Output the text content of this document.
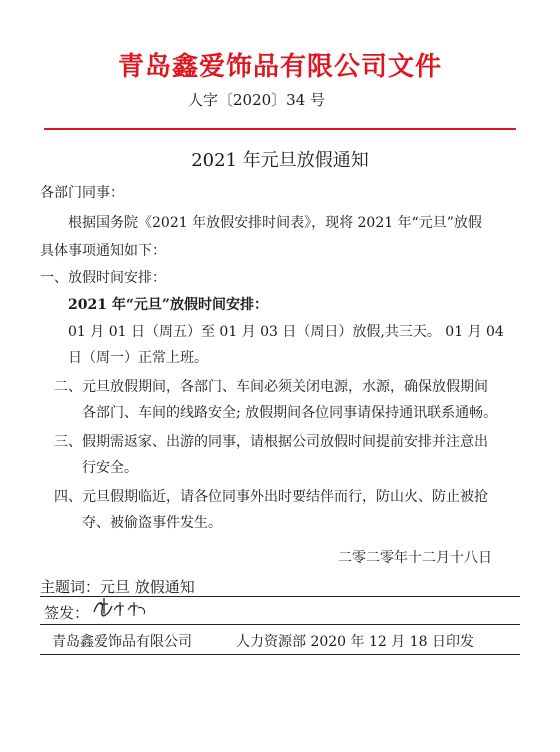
青岛鑫爱饰品有限公司文件
人字〔2020〕34 号
2021 年元旦放假通知
各部门同事：
根据国务院《2021 年放假安排时间表》，现将 2021 年“元旦”放假
具体事项通知如下：
一、放假时间安排：
2021 年“元旦”放假时间安排：
01 月 01 日（周五）至 01 月 03 日（周日）放假,共三天。 01 月 04
日（周一）正常上班。
二、元旦放假期间，各部门、车间必须关闭电源，水源，确保放假期间
各部门、车间的线路安全; 放假期间各位同事请保持通讯联系通畅。
三、假期需返家、出游的同事，请根据公司放假时间提前安排并注意出
行安全。
四、元旦假期临近，请各位同事外出时要结伴而行，防山火、防止被抢
夺、被偷盗事件发生。
二零二零年十二月十八日
主题词：元旦 放假通知
签发：
青岛鑫爱饰品有限公司	人力资源部 2020 年 12 月 18 日印发
